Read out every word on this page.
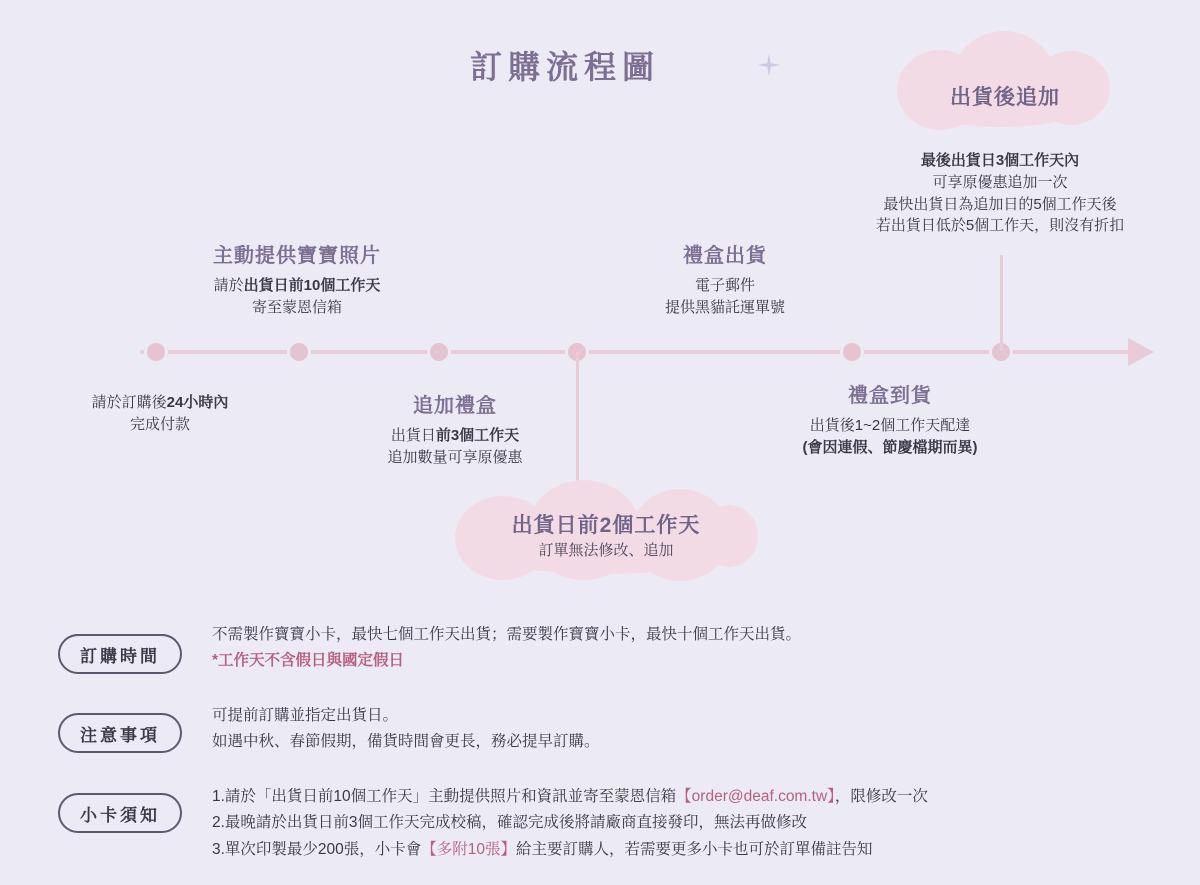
訂購流程圖
出貨後追加
最後出貨日3個工作天內
可享原優惠追加一次
最快出貨日為追加日的5個工作天後
若出貨日低於5個工作天，則沒有折扣
主動提供寶寶照片
請於出貨日前10個工作天
寄至蒙恩信箱
禮盒出貨
電子郵件
提供黑貓託運單號
請於訂購後24小時內
完成付款
追加禮盒
出貨日前3個工作天
追加數量可享原優惠
禮盒到貨
出貨後1~2個工作天配達
(會因連假、節慶檔期而異)
出貨日前2個工作天
訂單無法修改、追加
訂購時間
不需製作寶寶小卡，最快七個工作天出貨；需要製作寶寶小卡，最快十個工作天出貨。
*工作天不含假日與國定假日
注意事項
可提前訂購並指定出貨日。
如遇中秋、春節假期，備貨時間會更長，務必提早訂購。
小卡須知
1.請於「出貨日前10個工作天」主動提供照片和資訊並寄至蒙恩信箱【order@deaf.com.tw】，限修改一次
2.最晚請於出貨日前3個工作天完成校稿，確認完成後將請廠商直接發印，無法再做修改
3.單次印製最少200張，小卡會【多附10張】給主要訂購人，若需要更多小卡也可於訂單備註告知
